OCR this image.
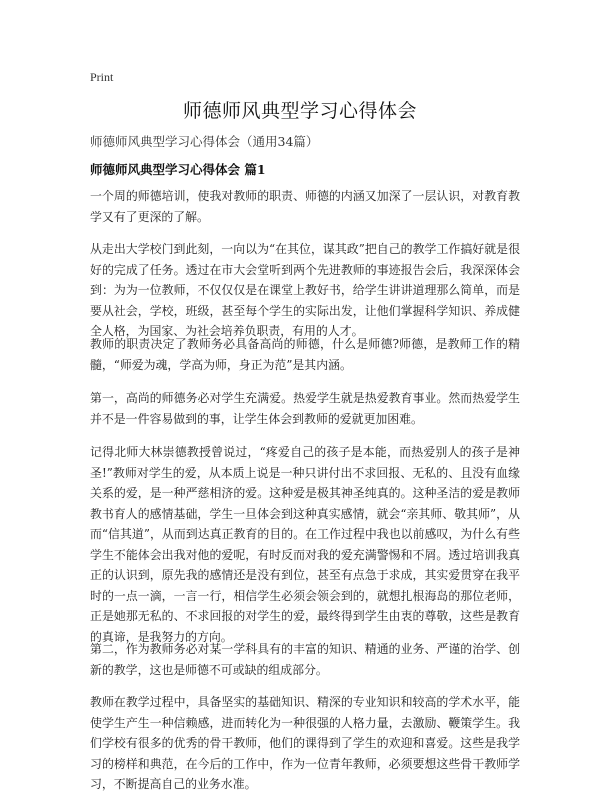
Print
师德师风典型学习心得体会
师德师风典型学习心得体会（通用34篇）
师德师风典型学习心得体会 篇1

一个周的师德培训，使我对教师的职责、师德的内涵又加深了一层认识，对教育教学又有了更深的了解。

从走出大学校门到此刻，一向以为“在其位，谋其政”把自己的教学工作搞好就是很好的完成了任务。透过在市大会堂听到两个先进教师的事迹报告会后，我深深体会到：为为一位教师，不仅仅仅是在课堂上教好书，给学生讲讲道理那么简单，而是要从社会，学校，班级，甚至每个学生的实际出发，让他们掌握科学知识、养成健全人格，为国家、为社会培养负职责，有用的人才。

教师的职责决定了教师务必具备高尚的师德，什么是师德?师德，是教师工作的精髓，“师爱为魂，学高为师，身正为范”是其内涵。

第一，高尚的师德务必对学生充满爱。热爱学生就是热爱教育事业。然而热爱学生并不是一件容易做到的事，让学生体会到教师的爱就更加困难。

记得北师大林崇德教授曾说过，“疼爱自己的孩子是本能，而热爱别人的孩子是神圣!”教师对学生的爱，从本质上说是一种只讲付出不求回报、无私的、且没有血缘关系的爱，是一种严慈相济的爱。这种爱是极其神圣纯真的。这种圣洁的爱是教师教书育人的感情基础，学生一旦体会到这种真实感情，就会“亲其师、敬其师”，从而“信其道”，从而到达真正教育的目的。在工作过程中我也以前感叹，为什么有些学生不能体会出我对他的爱呢，有时反而对我的爱充满警惕和不屑。透过培训我真正的认识到，原先我的感情还是没有到位，甚至有点急于求成，其实爱贯穿在我平时的一点一滴，一言一行，相信学生必须会领会到的，就想扎根海岛的那位老师，正是她那无私的、不求回报的对学生的爱，最终得到学生由衷的尊敬，这些是教育的真谛，是我努力的方向。

第二，作为教师务必对某一学科具有的丰富的知识、精通的业务、严谨的治学、创新的教学，这也是师德不可或缺的组成部分。

教师在教学过程中，具备坚实的基础知识、精深的专业知识和较高的学术水平，能使学生产生一种信赖感，进而转化为一种很强的人格力量，去激励、鞭策学生。我们学校有很多的优秀的骨干教师，他们的课得到了学生的欢迎和喜爱。这些是我学习的榜样和典范，在今后的工作中，作为一位青年教师，必须要想这些骨干教师学习，不断提高自己的业务水准。
